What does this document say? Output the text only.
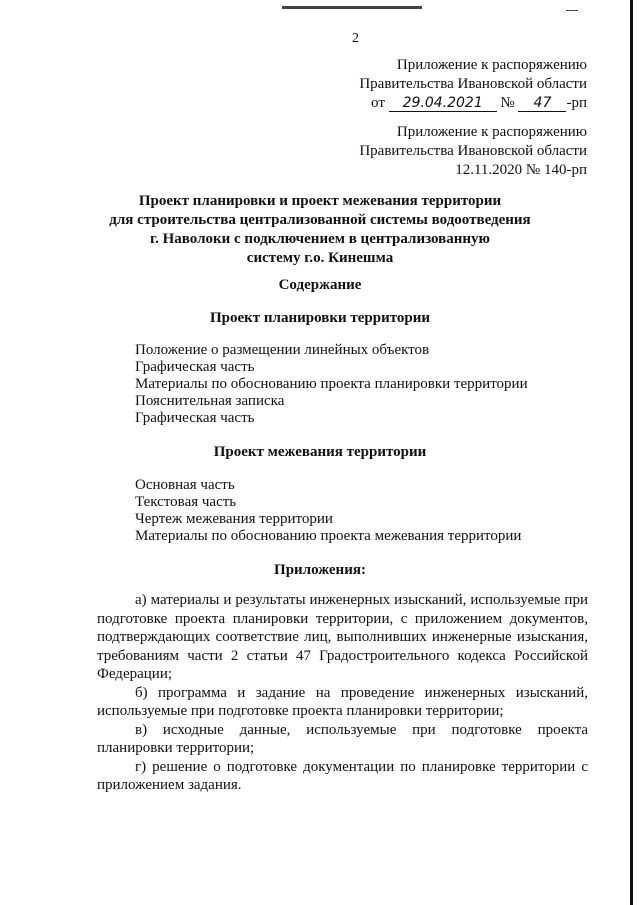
2
Приложение к распоряжению
Правительства Ивановской области
от 29.04.2021 № 47 -рп
Приложение к распоряжению
Правительства Ивановской области
12.11.2020 № 140-рп
Проект планировки и проект межевания территории
для строительства централизованной системы водоотведения
г. Наволоки с подключением в централизованную
систему г.о. Кинешма
Содержание
Проект планировки территории
Положение о размещении линейных объектов
Графическая часть
Материалы по обоснованию проекта планировки территории
Пояснительная записка
Графическая часть
Проект межевания территории
Основная часть
Текстовая часть
Чертеж межевания территории
Материалы по обоснованию проекта межевания территории
Приложения:

а) материалы и результаты инженерных изысканий, используемые при подготовке проекта планировки территории, с приложением документов, подтверждающих соответствие лиц, выполнивших инженерные изыскания, требованиям части 2 статьи 47 Градостроительного кодекса Российской Федерации;

б) программа и задание на проведение инженерных изысканий, используемые при подготовке проекта планировки территории;

в) исходные данные, используемые при подготовке проекта планировки территории;

г) решение о подготовке документации по планировке территории с приложением задания.
